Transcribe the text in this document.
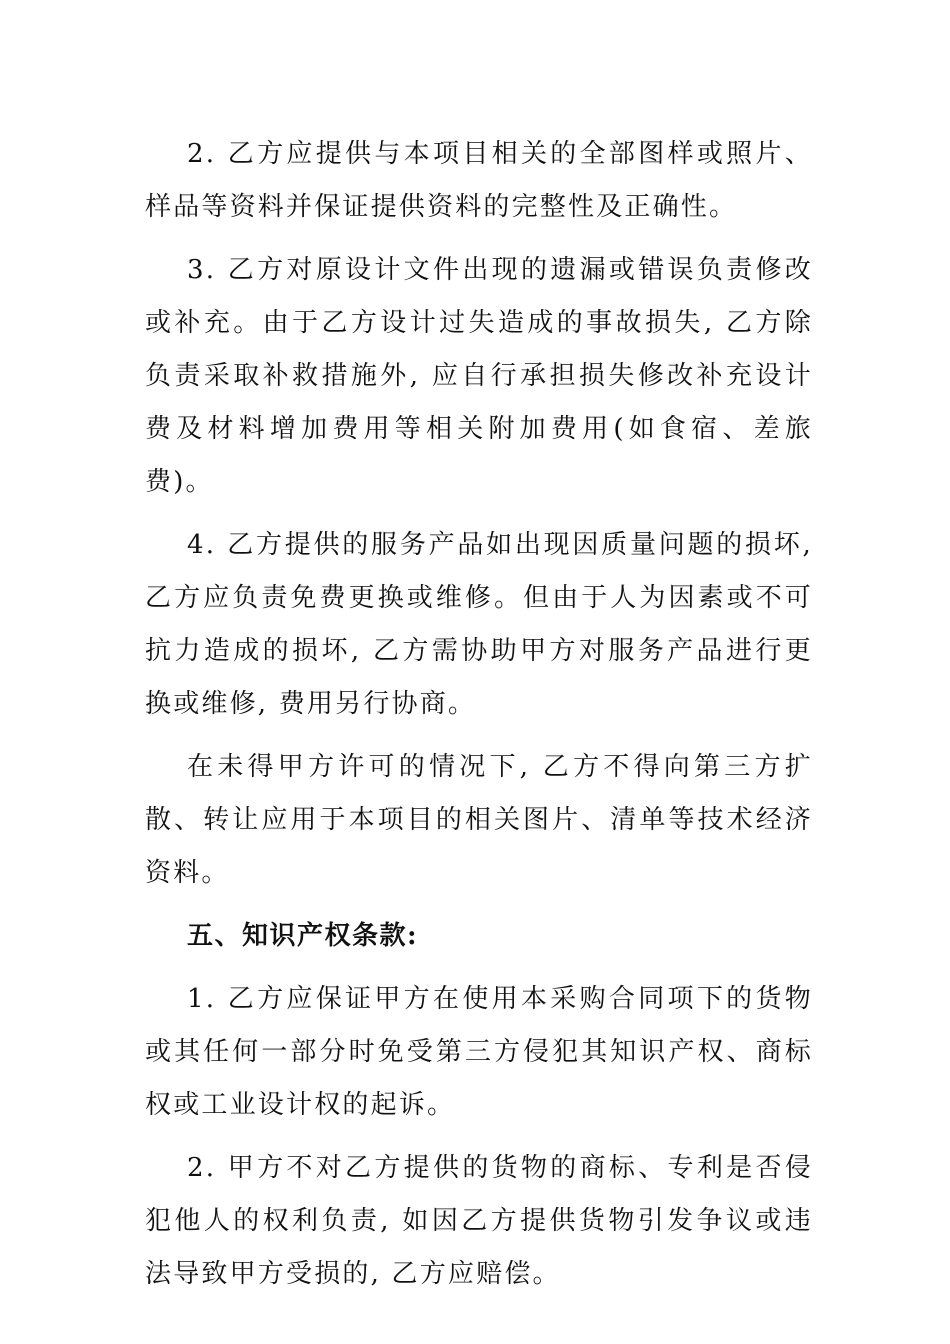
2. 乙方应提供与本项目相关的全部图样或照片、样品等资料并保证提供资料的完整性及正确性。

3. 乙方对原设计文件出现的遗漏或错误负责修改或补充。由于乙方设计过失造成的事故损失, 乙方除负责采取补救措施外, 应自行承担损失修改补充设计费及材料增加费用等相关附加费用(如食宿、差旅费)。

4. 乙方提供的服务产品如出现因质量问题的损坏, 乙方应负责免费更换或维修。但由于人为因素或不可抗力造成的损坏, 乙方需协助甲方对服务产品进行更换或维修, 费用另行协商。

在未得甲方许可的情况下, 乙方不得向第三方扩散、转让应用于本项目的相关图片、清单等技术经济资料。

五、知识产权条款:

1. 乙方应保证甲方在使用本采购合同项下的货物或其任何一部分时免受第三方侵犯其知识产权、商标权或工业设计权的起诉。

2. 甲方不对乙方提供的货物的商标、专利是否侵犯他人的权利负责, 如因乙方提供货物引发争议或违法导致甲方受损的, 乙方应赔偿。
